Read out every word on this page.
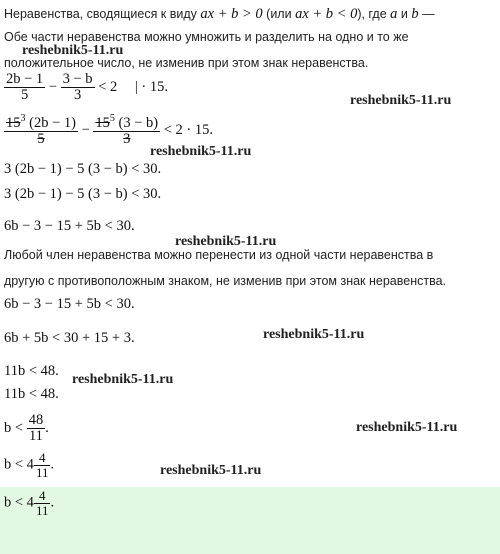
Неравенства, сводящиеся к виду ax + b > 0 (или ax + b < 0), где a и b —
Обе части неравенства можно умножить и разделить на одно и то же
положительное число, не изменив при этом знак неравенства.
reshebnik5-11.ru
$\frac{2b - 1}{5} - \frac{3 - b}{3} < 2$ | · 15.
reshebnik5-11.ru
$\frac{15^3 (2b - 1)}{5} - \frac{15^5 (3 - b)}{3} < 2 \cdot 15$.
reshebnik5-11.ru
3 (2b − 1) − 5 (3 − b) < 30.
3 (2b − 1) − 5 (3 − b) < 30.
6b − 3 − 15 + 5b < 30.
reshebnik5-11.ru
Любой член неравенства можно перенести из одной части неравенства в
другую с противоположным знаком, не изменив при этом знак неравенства.
6b − 3 − 15 + 5b < 30.
6b + 5b < 30 + 15 + 3.	reshebnik5-11.ru
11b < 48.
reshebnik5-11.ru
11b < 48.
$b < \frac{48}{11}$ .	reshebnik5-11.ru
$b < 4 \frac{4}{11}$ .	reshebnik5-11.ru
$b < 4 \frac{4}{11}$ .
